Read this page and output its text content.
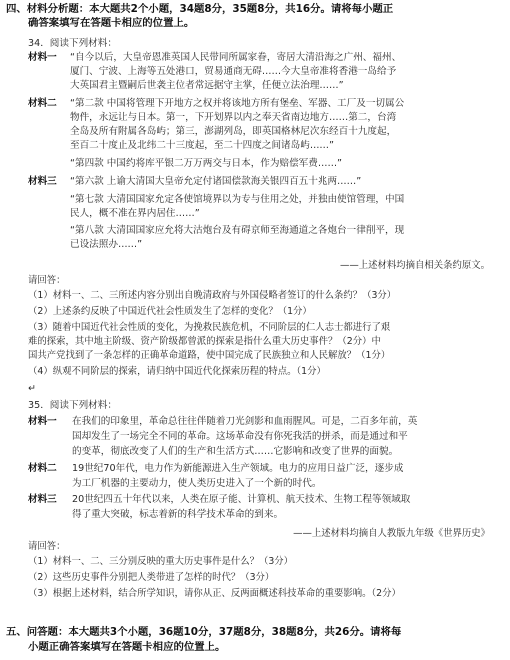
四、材料分析题：本大题共2个小题，34题8分，35题8分，共16分。请将每小题正
确答案填写在答题卡相应的位置上。
34．阅读下列材料：
材料一 “自今以后，大皇帝恩准英国人民带同所属家眷，寄居大清沿海之广州、福州、
厦门、宁波、上海等五处港口，贸易通商无碍……今大皇帝准将香港一岛给予
大英国君主暨嗣后世袭主位者常远据守主掌，任便立法治理……”
材料二 “第二款 中国将管理下开地方之权并将该地方所有堡垒、军器、工厂及一切属公
物件，永远让与日本。第一，下开划界以内之奉天省南边地方……第二，台湾
全岛及所有附属各岛屿；第三，澎湖列岛，即英国格林尼次东经百十九度起，
至百二十度止及北纬二十三度起，至二十四度之间诸岛屿……”
“第四款 中国约将库平银二万万两交与日本，作为赔偿军费……”
材料三 “第六款 上谕大清国大皇帝允定付诸国偿款海关银四百五十兆两……”
“第七款 大清国国家允定各使馆境界以为专与住用之处，并独由使馆管理，中国
民人，概不准在界内居住……”
“第八款 大清国国家应允将大沽炮台及有碍京师至海通道之各炮台一律削平，现
已设法照办……”
——上述材料均摘自相关条约原文。
请回答：
（1）材料一、二、三所述内容分别出自晚清政府与外国侵略者签订的什么条约？（3分）
（2）上述条约反映了中国近代社会性质发生了怎样的变化？（1分）
（3）随着中国近代社会性质的变化，为挽救民族危机，不同阶层的仁人志士都进行了艰
难的探索，其中地主阶级、资产阶级都曾派的探索是指什么重大历史事件？（2分）中
国共产党找到了一条怎样的正确革命道路，使中国完成了民族独立和人民解放？（1分）
（4）纵观不同阶层的探索，请归纳中国近代化探索历程的特点。（1分）
↵
35．阅读下列材料：
材料一 在我们的印象里，革命总往往伴随着刀光剑影和血雨腥风。可是，二百多年前，英
国却发生了一场完全不同的革命。这场革命没有你死我活的拼杀，而是通过和平
的变革，彻底改变了人们的生产和生活方式……它影响和改变了世界的面貌。
材料二 19世纪70年代，电力作为新能源进入生产领域。电力的应用日益广泛，逐步成
为工厂机器的主要动力，使人类历史进入了一个新的时代。
材料三 20世纪四五十年代以来，人类在原子能、计算机、航天技术、生物工程等领域取
得了重大突破，标志着新的科学技术革命的到来。
——上述材料均摘自人教版九年级《世界历史》
请回答：
（1）材料一、二、三分别反映的重大历史事件是什么？（3分）
（2）这些历史事件分别把人类带进了怎样的时代？（3分）
（3）根据上述材料，结合所学知识，请你从正、反两面概述科技革命的重要影响。（2分）
五、问答题：本大题共3个小题，36题10分，37题8分，38题8分，共26分。请将每
小题正确答案填写在答题卡相应的位置上。
